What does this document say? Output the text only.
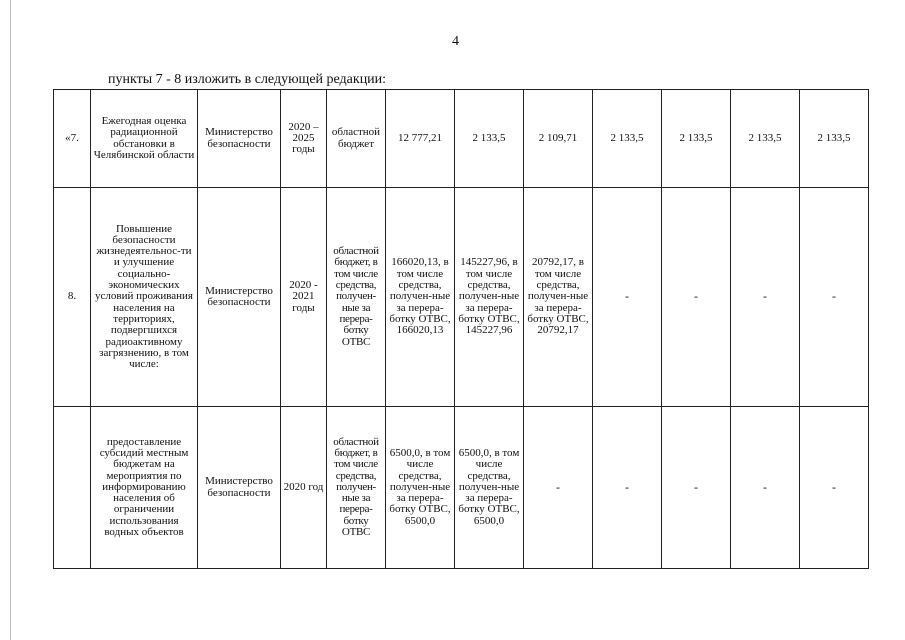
4
пункты 7 - 8 изложить в следующей редакции:
«7.	Ежегодная оценка радиационной обстановки в Челябинской области	Министерство безопасности	2020 – 2025 годы	областной бюджет	12 777,21	2 133,5	2 109,71	2 133,5	2 133,5	2 133,5	2 133,5
8.	Повышение безопасности жизнедеятельнос-ти и улучшение социально-экономических условий проживания населения на территориях, подвергшихся радиоактивному загрязнению, в том числе:	Министерство безопасности	2020 - 2021 годы	областной бюджет, в том числе средства, получен-ные за перера-ботку ОТВС	166020,13, в том числе средства, получен-ные за перера-ботку ОТВС, 166020,13	145227,96, в том числе средства, получен-ные за перера-ботку ОТВС, 145227,96	20792,17, в том числе средства, получен-ные за перера-ботку ОТВС, 20792,17	-	-	-	-
	предоставление субсидий местным бюджетам на мероприятия по информированию населения об ограничении использования водных объектов	Министерство безопасности	2020 год	областной бюджет, в том числе средства, получен-ные за перера-ботку ОТВС	6500,0, в том числе средства, получен-ные за перера-ботку ОТВС, 6500,0	6500,0, в том числе средства, получен-ные за перера-ботку ОТВС, 6500,0	-	-	-	-	-
